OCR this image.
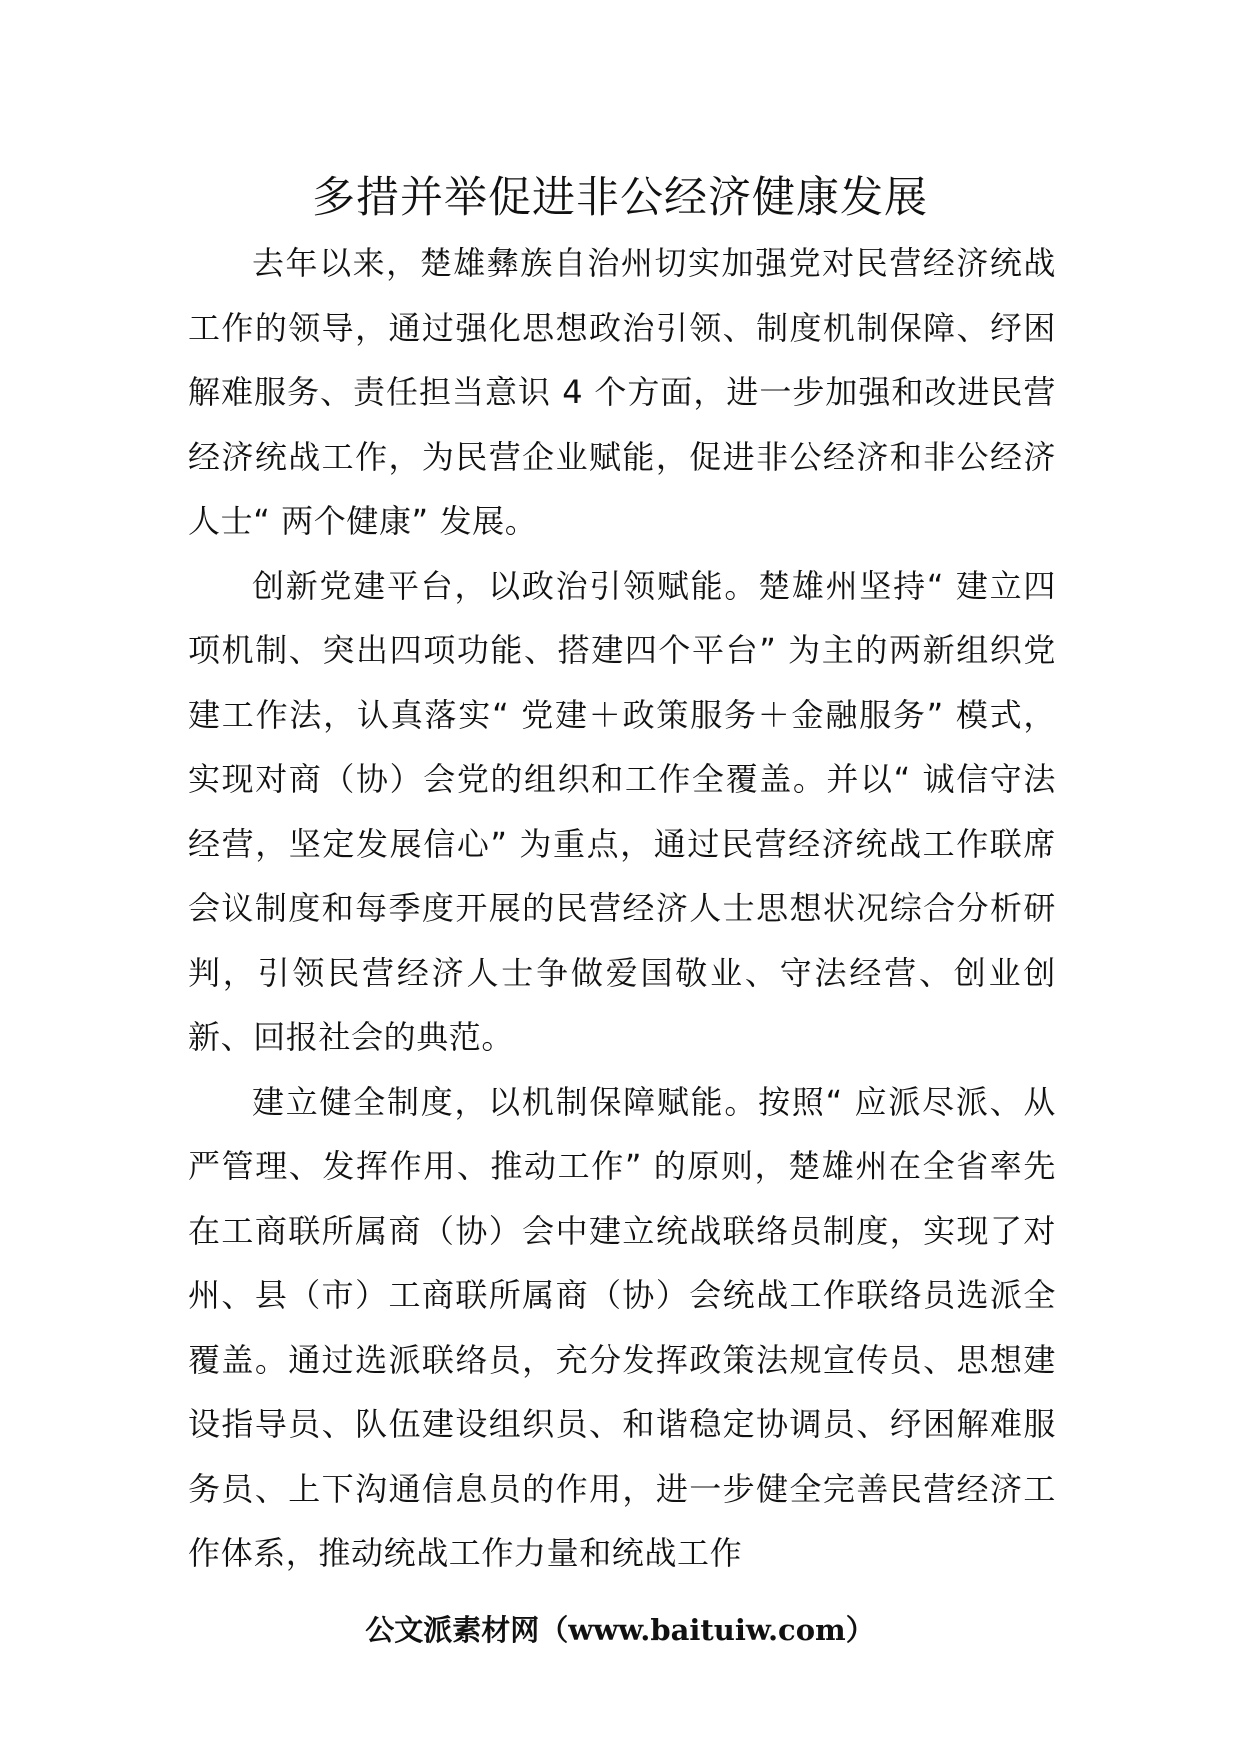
多措并举促进非公经济健康发展

去年以来，楚雄彝族自治州切实加强党对民营经济统战工作的领导，通过强化思想政治引领、制度机制保障、纾困解难服务、责任担当意识 4 个方面，进一步加强和改进民营经济统战工作，为民营企业赋能，促进非公经济和非公经济人士“ 两个健康” 发展。

创新党建平台，以政治引领赋能。楚雄州坚持“ 建立四项机制、突出四项功能、搭建四个平台” 为主的两新组织党建工作法，认真落实“ 党建＋政策服务＋金融服务” 模式，实现对商（协）会党的组织和工作全覆盖。并以“ 诚信守法经营，坚定发展信心” 为重点，通过民营经济统战工作联席会议制度和每季度开展的民营经济人士思想状况综合分析研判，引领民营经济人士争做爱国敬业、守法经营、创业创新、回报社会的典范。

建立健全制度，以机制保障赋能。按照“ 应派尽派、从严管理、发挥作用、推动工作” 的原则，楚雄州在全省率先在工商联所属商（协）会中建立统战联络员制度，实现了对州、县（市）工商联所属商（协）会统战工作联络员选派全覆盖。通过选派联络员，充分发挥政策法规宣传员、思想建设指导员、队伍建设组织员、和谐稳定协调员、纾困解难服务员、上下沟通信息员的作用，进一步健全完善民营经济工作体系，推动统战工作力量和统战工作

公文派素材网（www.baituiw.com）
